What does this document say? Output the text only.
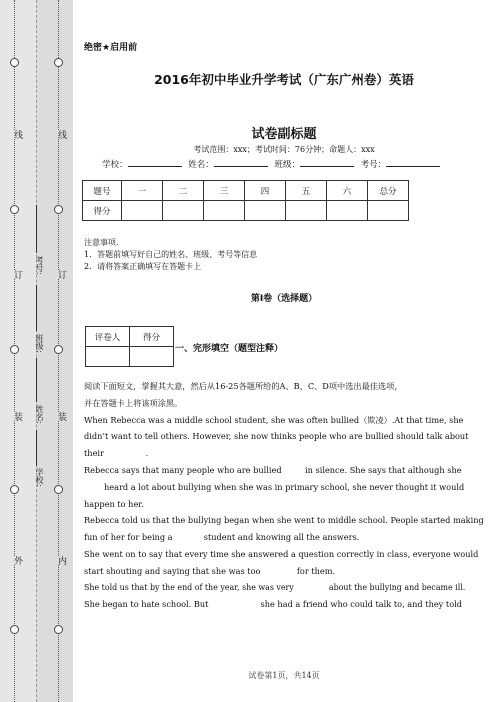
外
装
订
线
内
装
订
线
学校:
姓名:
班级:
考号:
绝密★启用前
2016年初中毕业升学考试（广东广州卷）英语
试卷副标题
考试范围：xxx；考试时间：76分钟；命题人：xxx
学校：	姓名：	班级：	考号：
题号	一	二	三	四	五	六	总分
得分							
注意事项.
1．答题前填写好自己的姓名、班级、考号等信息
2．请将答案正确填写在答题卡上
第I卷（选择题）
评卷人	得分

一、完形填空（题型注释）

阅读下面短文，掌握其大意，然后从16-25各题所给的A、B、C、D项中选出最佳选项，

并在答题卡上将该项涂黑。

When Rebecca was a middle school student, she was often bullied（欺凌）.At that time, she

didn’t want to tell others. However, she now thinks people who are bullied should talk about

their                .

Rebecca says that many people who are bullied         in silence. She says that although she

heard a lot about bullying when she was in primary school, she never thought it would

happen to her.

Rebecca told us that the bullying began when she went to middle school. People started making

fun of her for being a            student and knowing all the answers.

She went on to say that every time she answered a question correctly in class, everyone would

start shouting and saying that she was too              for them.

She told us that by the end of the year, she was very              about the bullying and became ill.

She began to hate school. But                    she had a friend who could talk to, and they told

试卷第1页，共14页
